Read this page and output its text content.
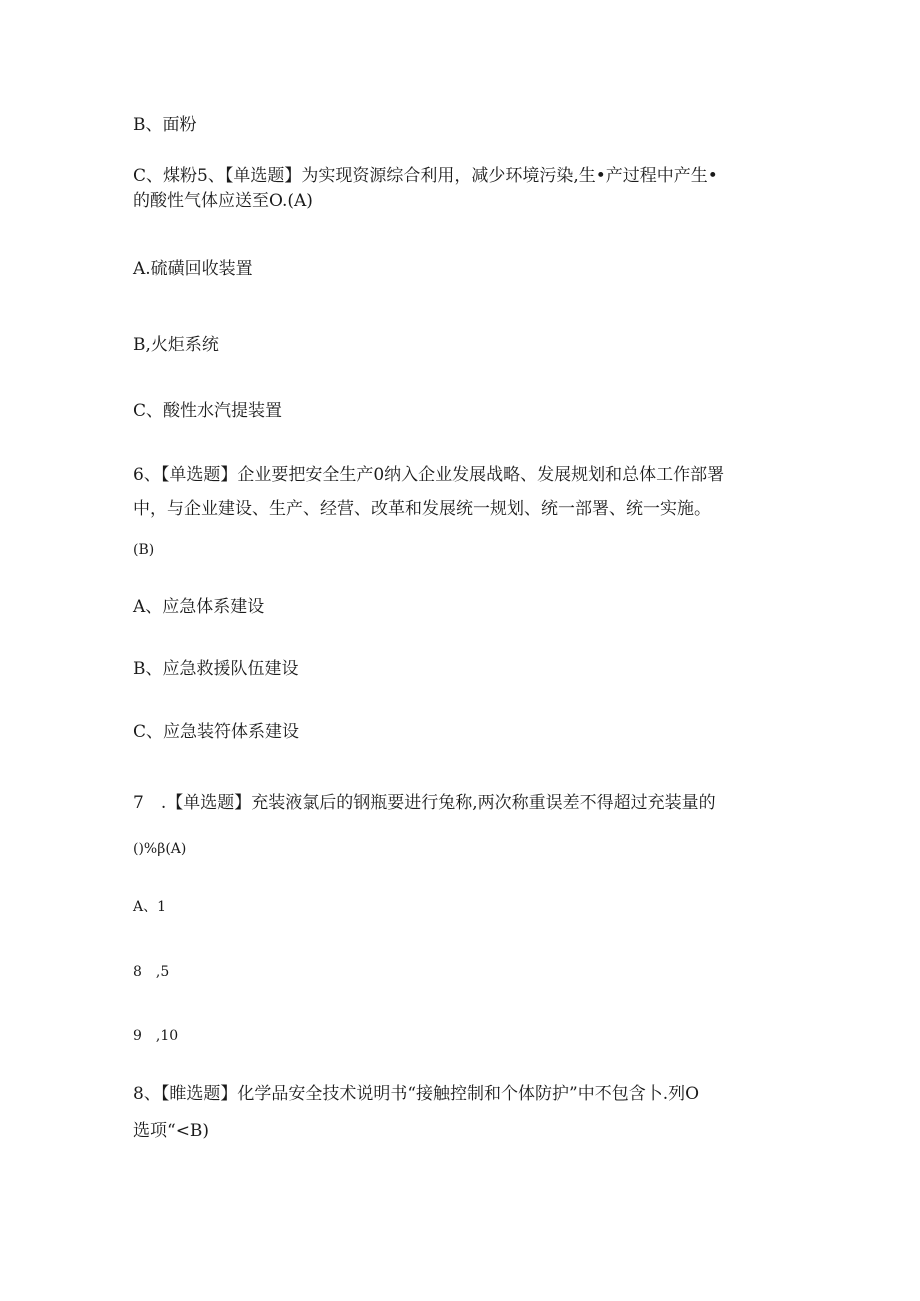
B、面粉
C、煤粉5、【单选题】为实现资源综合利用，减少环境污染,生•产过程中产生•
的酸性气体应送至O.(A)
A.硫磺回收装置
B,火炬系统
C、酸性水汽提装置
6、【单选题】企业要把安全生产0纳入企业发展战略、发展规划和总体工作部署
中，与企业建设、生产、经营、改革和发展统一规划、统一部署、统一实施。
(B)
A、应急体系建设
B、应急救援队伍建设
C、应急装符体系建设
7　.【单选题】充装液氯后的钢瓶要进行兔称,两次称重误差不得超过充装量的
()%β(A)
A、1
8　,5
9　,10
8、【睢选题】化学品安全技术说明书“接触控制和个体防护”中不包含卜.列O
选项“<B)
